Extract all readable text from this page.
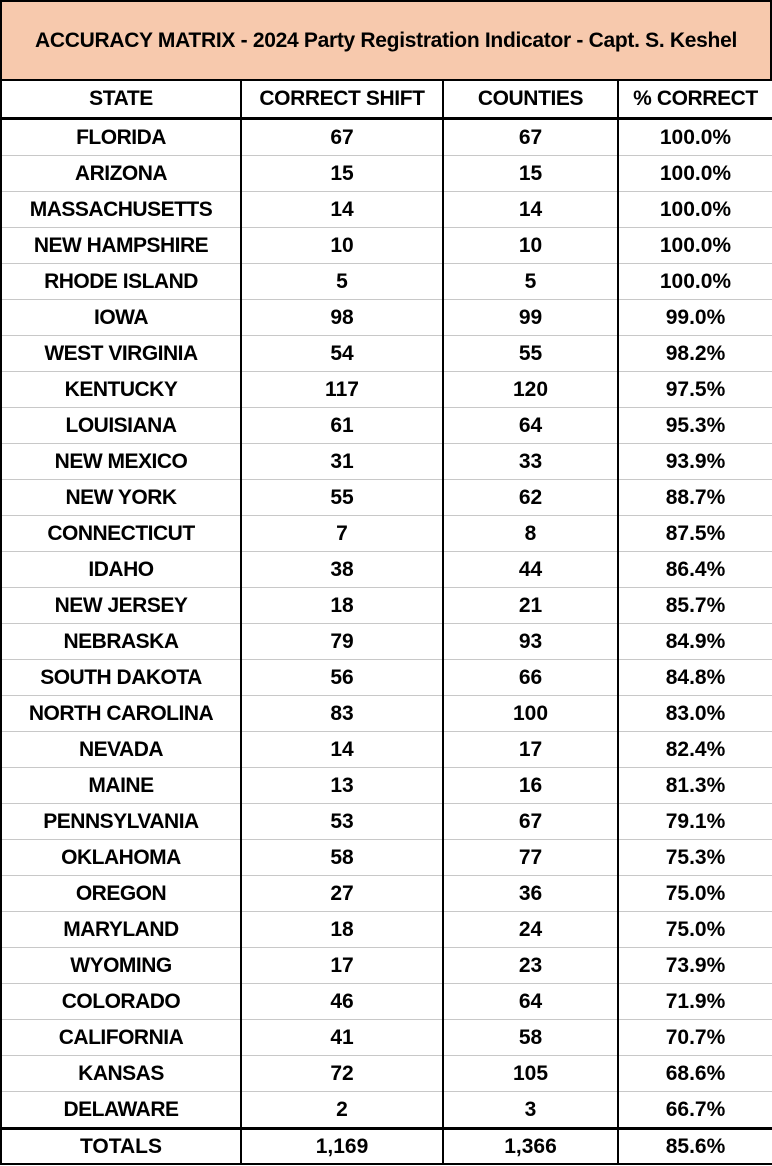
ACCURACY MATRIX - 2024 Party Registration Indicator - Capt. S. Keshel
STATE	CORRECT SHIFT	COUNTIES	% CORRECT
FLORIDA	67	67	100.0%
ARIZONA	15	15	100.0%
MASSACHUSETTS	14	14	100.0%
NEW HAMPSHIRE	10	10	100.0%
RHODE ISLAND	5	5	100.0%
IOWA	98	99	99.0%
WEST VIRGINIA	54	55	98.2%
KENTUCKY	117	120	97.5%
LOUISIANA	61	64	95.3%
NEW MEXICO	31	33	93.9%
NEW YORK	55	62	88.7%
CONNECTICUT	7	8	87.5%
IDAHO	38	44	86.4%
NEW JERSEY	18	21	85.7%
NEBRASKA	79	93	84.9%
SOUTH DAKOTA	56	66	84.8%
NORTH CAROLINA	83	100	83.0%
NEVADA	14	17	82.4%
MAINE	13	16	81.3%
PENNSYLVANIA	53	67	79.1%
OKLAHOMA	58	77	75.3%
OREGON	27	36	75.0%
MARYLAND	18	24	75.0%
WYOMING	17	23	73.9%
COLORADO	46	64	71.9%
CALIFORNIA	41	58	70.7%
KANSAS	72	105	68.6%
DELAWARE	2	3	66.7%
TOTALS	1,169	1,366	85.6%
